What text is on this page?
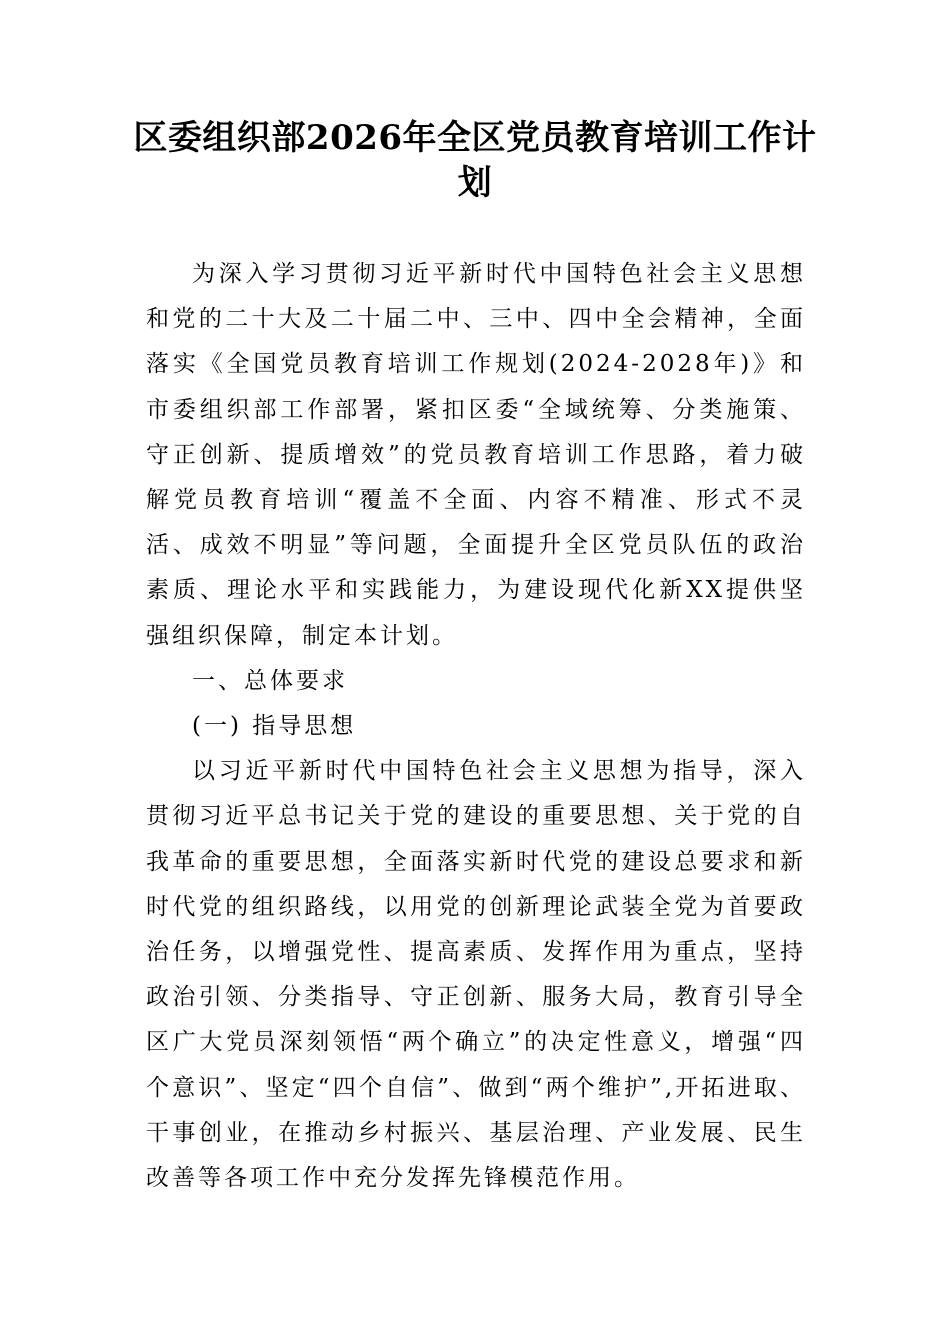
区委组织部2026年全区党员教育培训工作计划

为深入学习贯彻习近平新时代中国特色社会主义思想和党的二十大及二十届二中、三中、四中全会精神，全面落实《全国党员教育培训工作规划(2024-2028年)》和市委组织部工作部署，紧扣区委“全域统筹、分类施策、守正创新、提质增效”的党员教育培训工作思路，着力破解党员教育培训“覆盖不全面、内容不精准、形式不灵活、成效不明显”等问题，全面提升全区党员队伍的政治素质、理论水平和实践能力，为建设现代化新XX提供坚强组织保障，制定本计划。

一、总体要求

(一) 指导思想

以习近平新时代中国特色社会主义思想为指导，深入贯彻习近平总书记关于党的建设的重要思想、关于党的自我革命的重要思想，全面落实新时代党的建设总要求和新时代党的组织路线，以用党的创新理论武装全党为首要政治任务，以增强党性、提高素质、发挥作用为重点，坚持政治引领、分类指导、守正创新、服务大局，教育引导全区广大党员深刻领悟“两个确立”的决定性意义，增强“四个意识”、坚定“四个自信”、做到“两个维护”,开拓进取、干事创业，在推动乡村振兴、基层治理、产业发展、民生改善等各项工作中充分发挥先锋模范作用。
